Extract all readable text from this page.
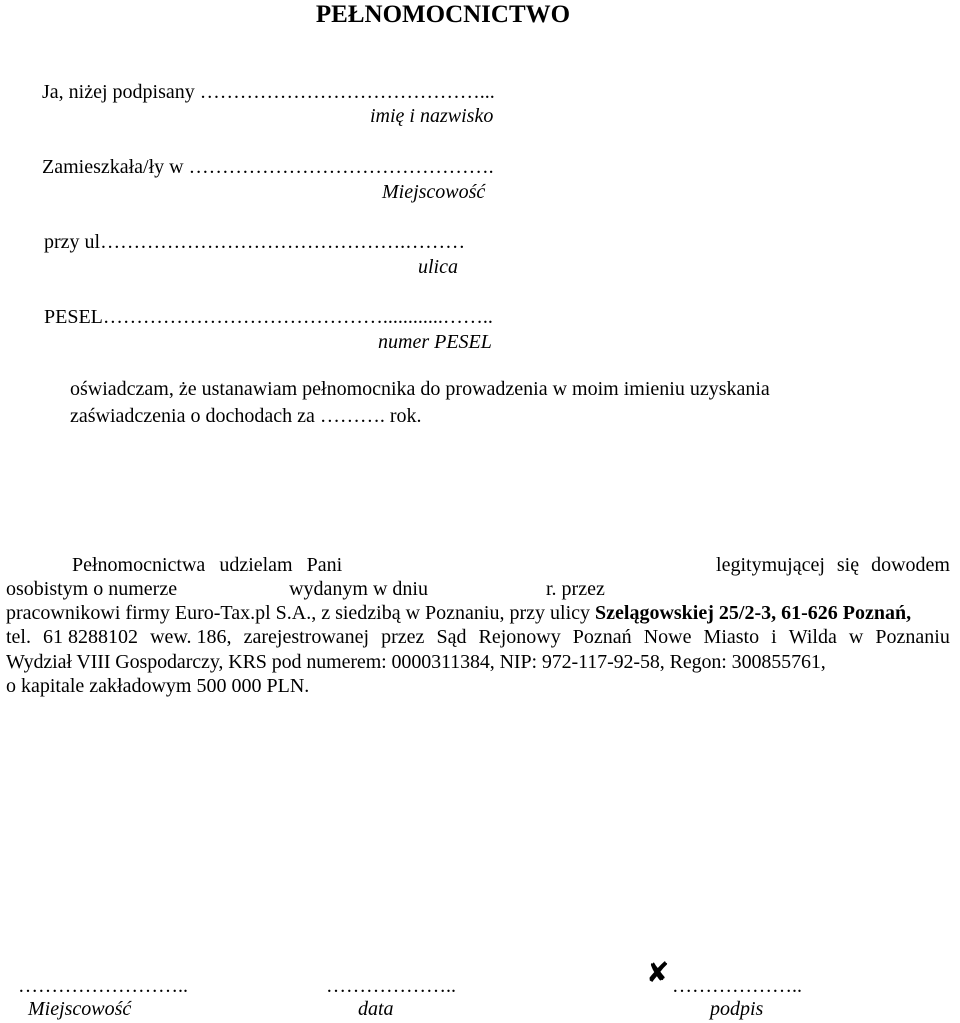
PEŁNOMOCNICTWO
Ja, niżej podpisany ……………………………………...
imię i nazwisko
Zamieszkała/ły w ……………………………………….
Miejscowość
przy ul……………………………………….………
ulica
PESEL……………………………………............……..
numer PESEL
oświadczam, że ustanawiam pełnomocnika do prowadzenia w moim imieniu uzyskania
zaświadczenia o dochodach za ………. rok.
Pełnomocnictwa udzielam Pani	legitymującej się dowodem
osobistym o numerze	wydanym w dniu	r. przez
pracownikowi firmy Euro-Tax.pl S.A., z siedzibą w Poznaniu, przy ulicy Szelągowskiej 25/2-3, 61-626 Poznań,
tel. 61 8288102 wew. 186, zarejestrowanej przez Sąd Rejonowy Poznań Nowe Miasto i Wilda w Poznaniu
Wydział VIII Gospodarczy, KRS pod numerem: 0000311384, NIP: 972-117-92-58, Regon: 300855761,
o kapitale zakładowym 500 000 PLN.
……………………..
Miejscowość
………………..
data
✘ ………………..
podpis
